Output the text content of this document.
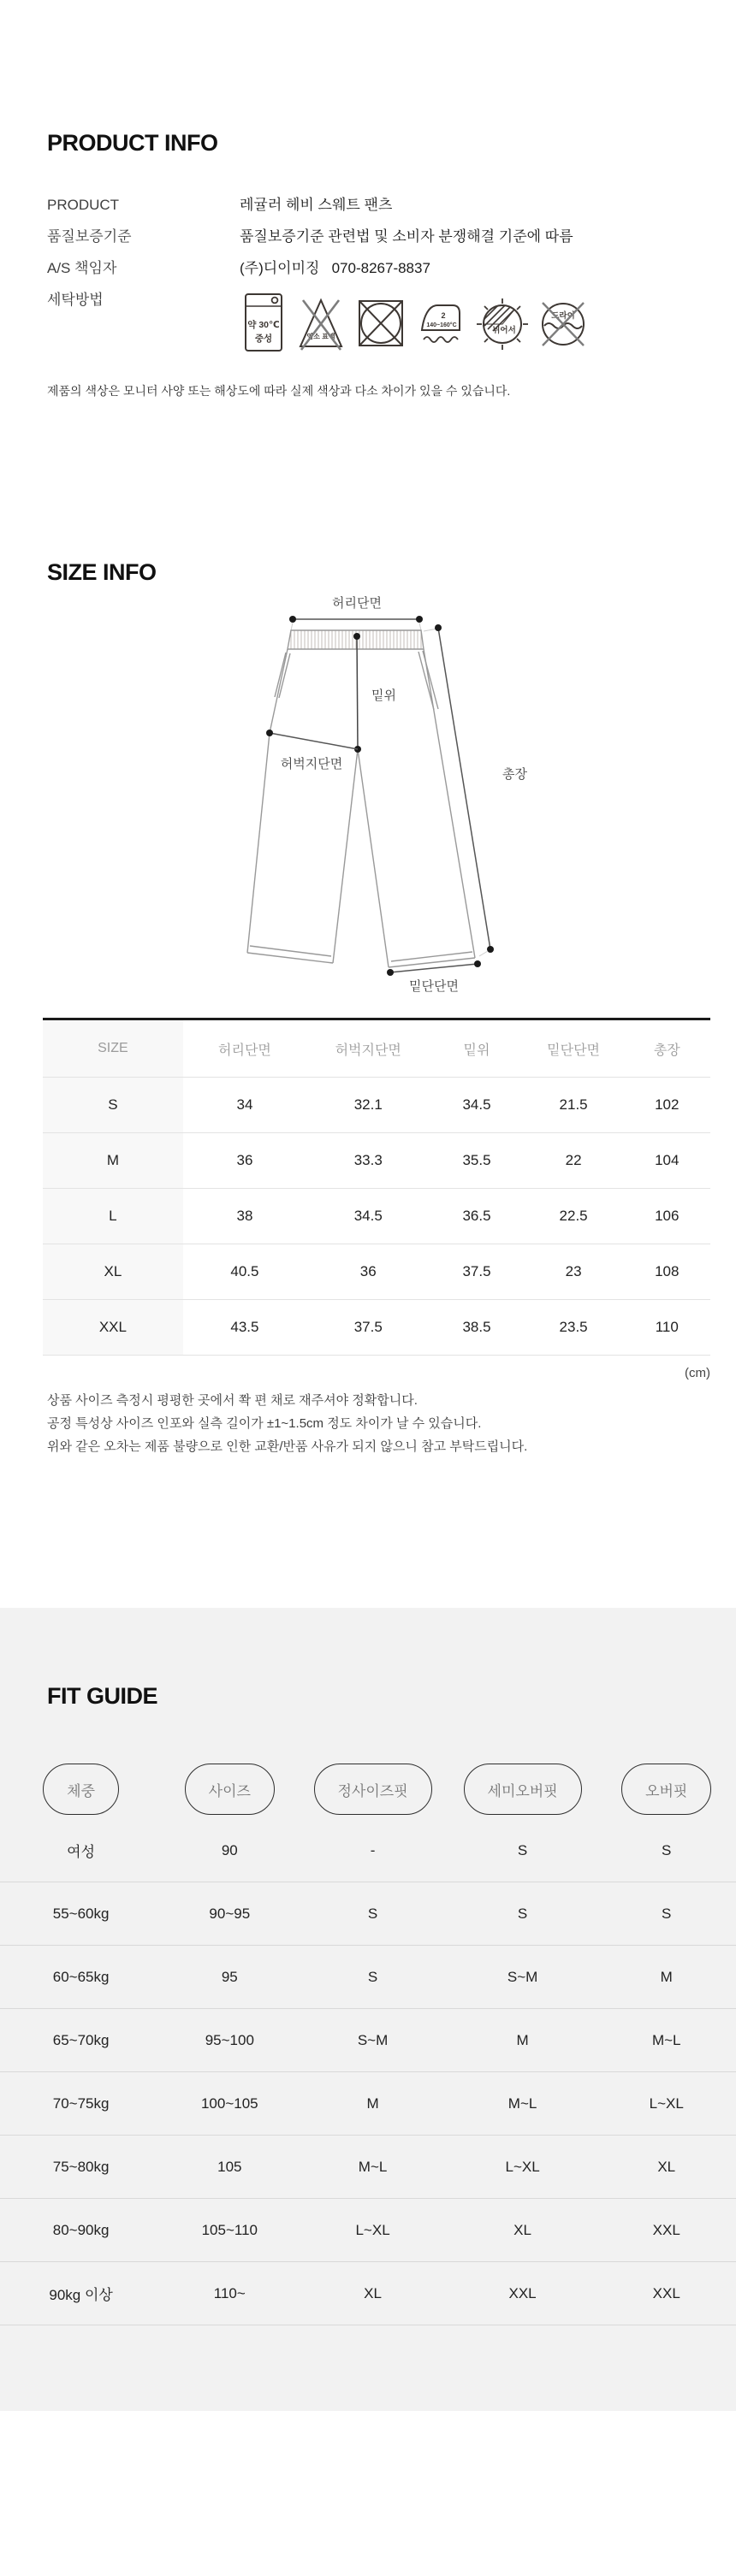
PRODUCT INFO
PRODUCT	레귤러 헤비 스웨트 팬츠
품질보증기준	품질보증기준 관련법 및 소비자 분쟁해결 기준에 따름
A/S 책임자	(주)디이미징   070-8267-8837
세탁방법
약 30℃
중성	염소 표백
2
140~160°C
뉘어서
드라이

제품의 색상은 모니터 사양 또는 해상도에 따라 실제 색상과 다소 차이가 있을 수 있습니다.

SIZE INFO
허리단면
밑위
허벅지단면
총장
밑단단면
SIZE	허리단면	허벅지단면	밑위	밑단단면	총장
S	34	32.1	34.5	21.5	102
M	36	33.3	35.5	22	104
L	38	34.5	36.5	22.5	106
XL	40.5	36	37.5	23	108
XXL	43.5	37.5	38.5	23.5	110
(cm)

상품 사이즈 측정시 평평한 곳에서 쫙 편 채로 재주셔야 정확합니다.

공정 특성상 사이즈 인포와 실측 길이가 ±1~1.5cm 정도 차이가 날 수 있습니다.

위와 같은 오차는 제품 불량으로 인한 교환/반품 사유가 되지 않으니 참고 부탁드립니다.

FIT GUIDE
체중	사이즈	정사이즈핏	세미오버핏	오버핏
여성	90	-	S	S
55~60kg	90~95	S	S	S
60~65kg	95	S	S~M	M
65~70kg	95~100	S~M	M	M~L
70~75kg	100~105	M	M~L	L~XL
75~80kg	105	M~L	L~XL	XL
80~90kg	105~110	L~XL	XL	XXL
90kg 이상	110~	XL	XXL	XXL
